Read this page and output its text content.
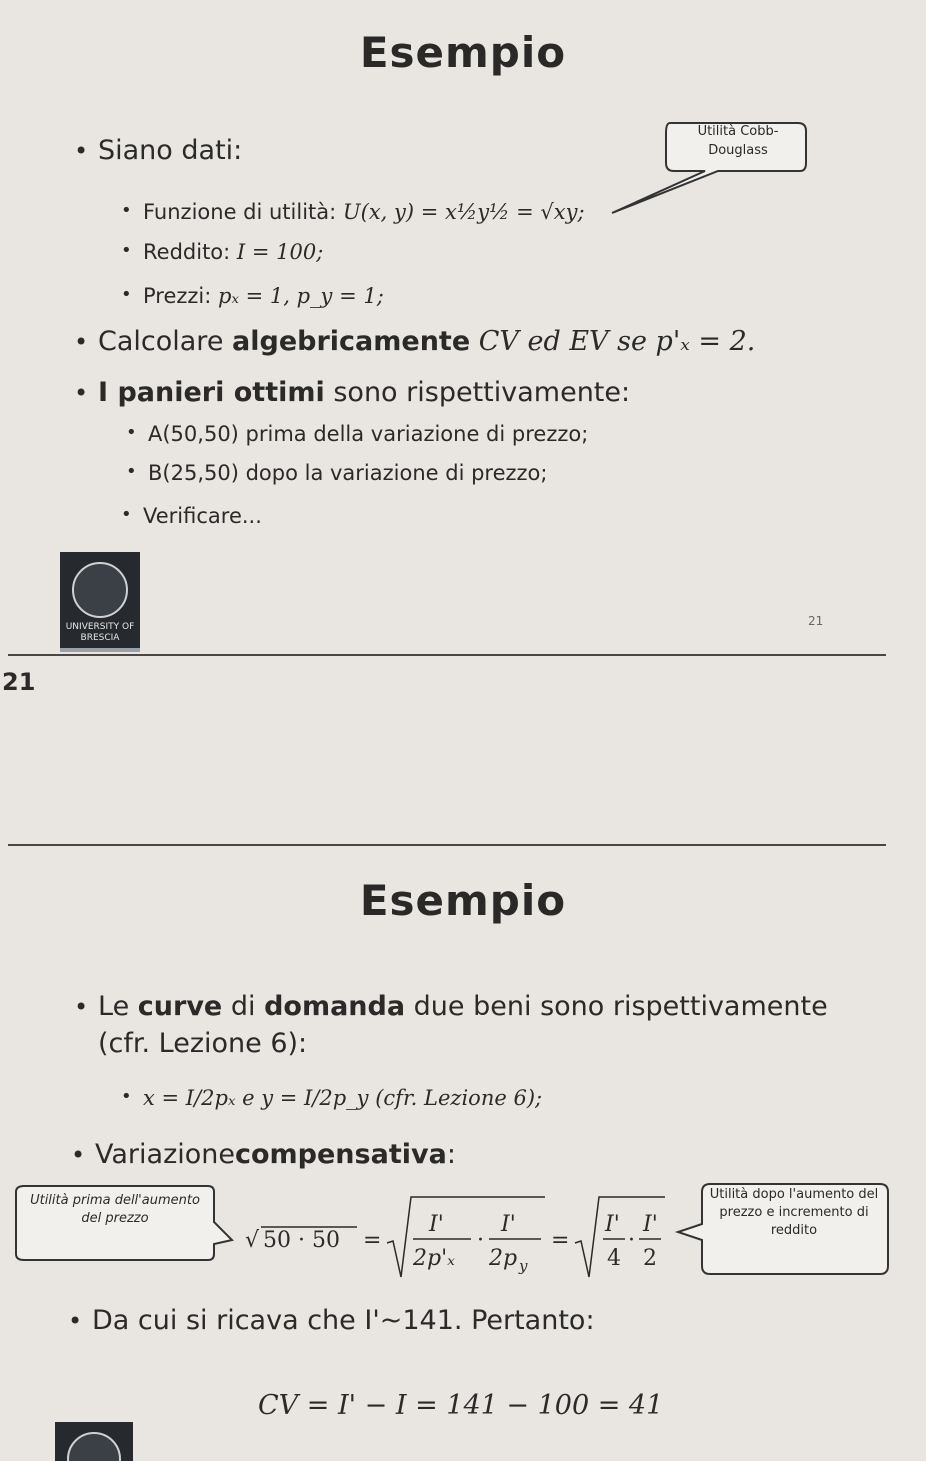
Esempio
• Siano dati:
Utilità Cobb-Douglass
• Funzione di utilità: U(x, y) = x½y½ = √xy;
• Reddito: I = 100;
• Prezzi: pₓ = 1, p_y = 1;
• Calcolare algebricamente CV ed EV se p'ₓ = 2.
• I panieri ottimi sono rispettivamente:
• A(50,50) prima della variazione di prezzo;
• B(25,50) dopo la variazione di prezzo;
• Verificare...
UNIVERSITY OF BRESCIA
21
21
Esempio
• Le curve di domanda due beni sono rispettivamente
(cfr. Lezione 6):
• x = I/2pₓ e y = I/2p_y (cfr. Lezione 6);
• Variazionecompensativa:
Utilità prima dell'aumento del prezzo
√ 50 · 50 =
I'
2p'ₓ
·
I'
2p y
=
I'
4
·
I'
2
Utilità dopo l'aumento del prezzo e incremento di reddito
• Da cui si ricava che I'~141. Pertanto:
CV = I' − I = 141 − 100 = 41
